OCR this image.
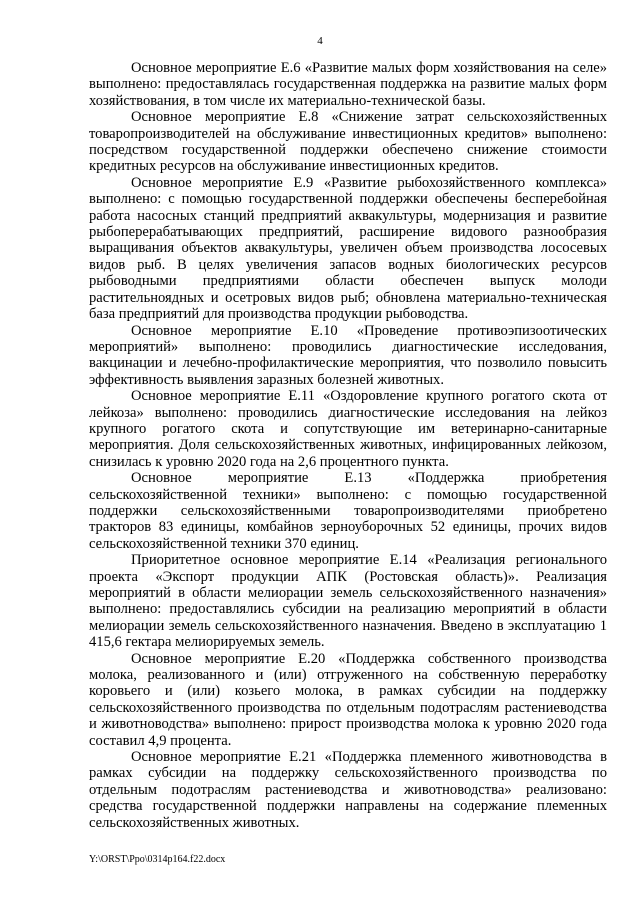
4

Основное мероприятие Е.6 «Развитие малых форм хозяйствования на селе» выполнено: предоставлялась государственная поддержка на развитие малых форм хозяйствования, в том числе их материально-технической базы.

Основное мероприятие Е.8 «Снижение затрат сельскохозяйственных товаропроизводителей на обслуживание инвестиционных кредитов» выполнено: посредством государственной поддержки обеспечено снижение стоимости кредитных ресурсов на обслуживание инвестиционных кредитов.

Основное мероприятие Е.9 «Развитие рыбохозяйственного комплекса» выполнено: с помощью государственной поддержки обеспечены бесперебойная работа насосных станций предприятий аквакультуры, модернизация и развитие рыбоперерабатывающих предприятий, расширение видового разнообразия выращивания объектов аквакультуры, увеличен объем производства лососевых видов рыб. В целях увеличения запасов водных биологических ресурсов рыбоводными предприятиями области обеспечен выпуск молоди растительноядных и осетровых видов рыб; обновлена материально-техническая база предприятий для производства продукции рыбоводства.

Основное мероприятие Е.10 «Проведение противоэпизоотических мероприятий» выполнено: проводились диагностические исследования, вакцинации и лечебно-профилактические мероприятия, что позволило повысить эффективность выявления заразных болезней животных.

Основное мероприятие Е.11 «Оздоровление крупного рогатого скота от лейкоза» выполнено: проводились диагностические исследования на лейкоз крупного рогатого скота и сопутствующие им ветеринарно-санитарные мероприятия. Доля сельскохозяйственных животных, инфицированных лейкозом, снизилась к уровню 2020 года на 2,6 процентного пункта.

Основное мероприятие Е.13 «Поддержка приобретения сельскохозяйственной техники» выполнено: с помощью государственной поддержки сельскохозяйственными товаропроизводителями приобретено тракторов 83 единицы, комбайнов зерноуборочных 52 единицы, прочих видов сельскохозяйственной техники 370 единиц.

Приоритетное основное мероприятие Е.14 «Реализация регионального проекта «Экспорт продукции АПК (Ростовская область)». Реализация мероприятий в области мелиорации земель сельскохозяйственного назначения» выполнено: предоставлялись субсидии на реализацию мероприятий в области мелиорации земель сельскохозяйственного назначения. Введено в эксплуатацию 1 415,6 гектара мелиорируемых земель.

Основное мероприятие Е.20 «Поддержка собственного производства молока, реализованного и (или) отгруженного на собственную переработку коровьего и (или) козьего молока, в рамках субсидии на поддержку сельскохозяйственного производства по отдельным подотраслям растениеводства и животноводства» выполнено: прирост производства молока к уровню 2020 года составил 4,9 процента.

Основное мероприятие Е.21 «Поддержка племенного животноводства в рамках субсидии на поддержку сельскохозяйственного производства по отдельным подотраслям растениеводства и животноводства» реализовано: средства государственной поддержки направлены на содержание племенных сельскохозяйственных животных.

Y:\ORST\Ppo\0314p164.f22.docx
